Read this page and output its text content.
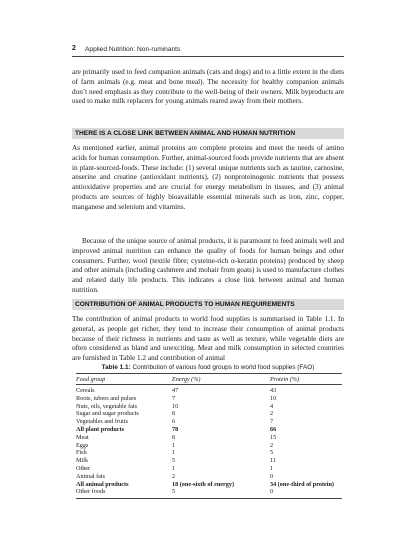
2 Applied Nutrition: Non-ruminants

are primarily used to feed companion animals (cats and dogs) and to a little extent in the diets of farm animals (e.g. meat and bone meal). The necessity for healthy companion animals don’t need emphasis as they contribute to the well-being of their owners. Milk byproducts are used to make milk replacers for young animals reared away from their mothers.

THERE IS A CLOSE LINK BETWEEN ANIMAL AND HUMAN NUTRITION

As mentioned earlier, animal proteins are complete proteins and meet the needs of amino acids for human consumption. Further, animal-sourced foods provide nutrients that are absent in plant-sourced-foods. These include: (1) several unique nutrients such as taurine, carnosine, anserine and creatine (antioxidant nutrients), (2) nonproteinogenic nutrients that possess antioxidative properties and are crucial for energy metabolism in tissues, and (3) animal products are sources of highly bioavailable essential minerals such as iron, zinc, copper, manganese and selenium and vitamins.

Because of the unique source of animal products, it is paramount to feed animals well and improved animal nutrition can enhance the quality of foods for human beings and other consumers. Further, wool (textile fibre; cysteine-rich α-keratin proteins) produced by sheep and other animals (including cashmere and mohair from goats) is used to manufacture clothes and related daily life products. This indicates a close link between animal and human nutrition.

CONTRIBUTION OF ANIMAL PRODUCTS TO HUMAN REQUIREMENTS

The contribution of animal products to world food supplies is summarised in Table 1.1. In general, as people get richer, they tend to increase their consumption of animal products because of their richness in nutrients and taste as well as texture, while vegetable diets are often considered as bland and unexciting. Meat and milk consumption in selected countries are furnished in Table 1.2 and contribution of animal

Table 1.1: Contribution of various food groups to world food supplies (FAO)
Food group	Energy (%)	Protein (%)
Cereals	47	43
Roots, tubers and pulses	7	10
Nuts, oils, vegetable fats	10	4
Sugar and sugar products	8	2
Vegetables and fruits	6	7
All plant products	78	66
Meat	8	15
Eggs	1	2
Fish	1	5
Milk	5	11
Other	1	1
Animal fats	2	0
All animal products	18 (one-sixth of energy)	34 (one-third of protein)
Other foods	5	0
